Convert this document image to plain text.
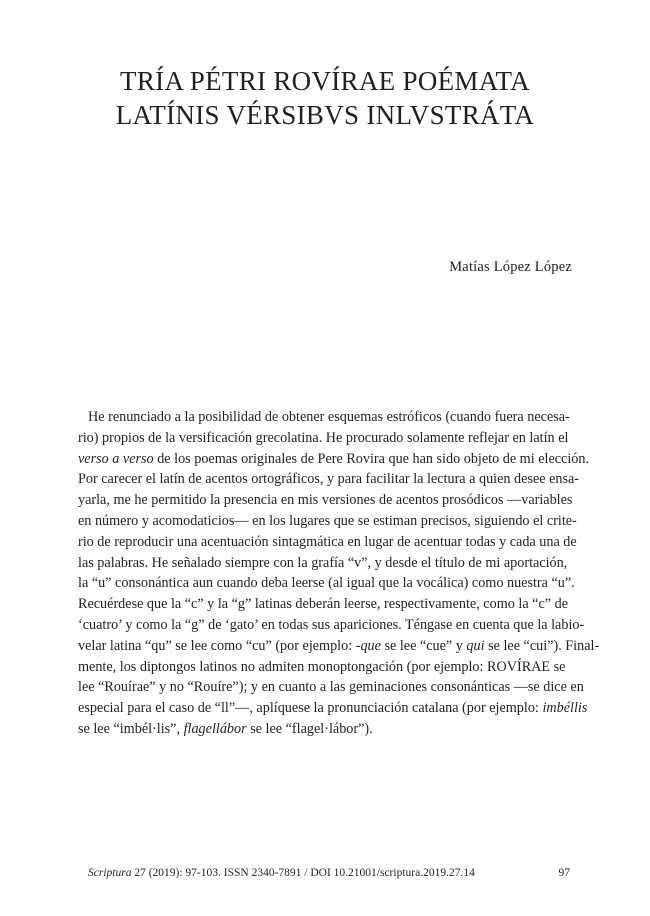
TRÍA PÉTRI ROVÍRAE POÉMATA
LATÍNIS VÉRSIBVS INLVSTRÁTA
Matías López López
He renunciado a la posibilidad de obtener esquemas estróficos (cuando fuera necesa-
rio) propios de la versificación grecolatina. He procurado solamente reflejar en latín el
verso a verso de los poemas originales de Pere Rovira que han sido objeto de mi elección.
Por carecer el latín de acentos ortográficos, y para facilitar la lectura a quien desee ensa-
yarla, me he permitido la presencia en mis versiones de acentos prosódicos —variables
en número y acomodaticios— en los lugares que se estiman precisos, siguiendo el crite-
rio de reproducir una acentuación sintagmática en lugar de acentuar todas y cada una de
las palabras. He señalado siempre con la grafía “v”, y desde el título de mi aportación,
la “u” consonántica aun cuando deba leerse (al igual que la vocálica) como nuestra “u”.
Recuérdese que la “c” y la “g” latinas deberán leerse, respectivamente, como la “c” de
‘cuatro’ y como la “g” de ‘gato’ en todas sus apariciones. Téngase en cuenta que la labio-
velar latina “qu” se lee como “cu” (por ejemplo: -que se lee “cue” y qui se lee “cui”). Final-
mente, los diptongos latinos no admiten monoptongación (por ejemplo: ROVÍRAE se
lee “Rouírae” y no “Rouíre”); y en cuanto a las geminaciones consonánticas —se dice en
especial para el caso de “ll”—, aplíquese la pronunciación catalana (por ejemplo: imbéllis
se lee “imbél·lis”, flagellábor se lee “flagel·lábor”).
Scriptura 27 (2019): 97-103. ISSN 2340-7891 / DOI 10.21001/scriptura.2019.27.14	97
